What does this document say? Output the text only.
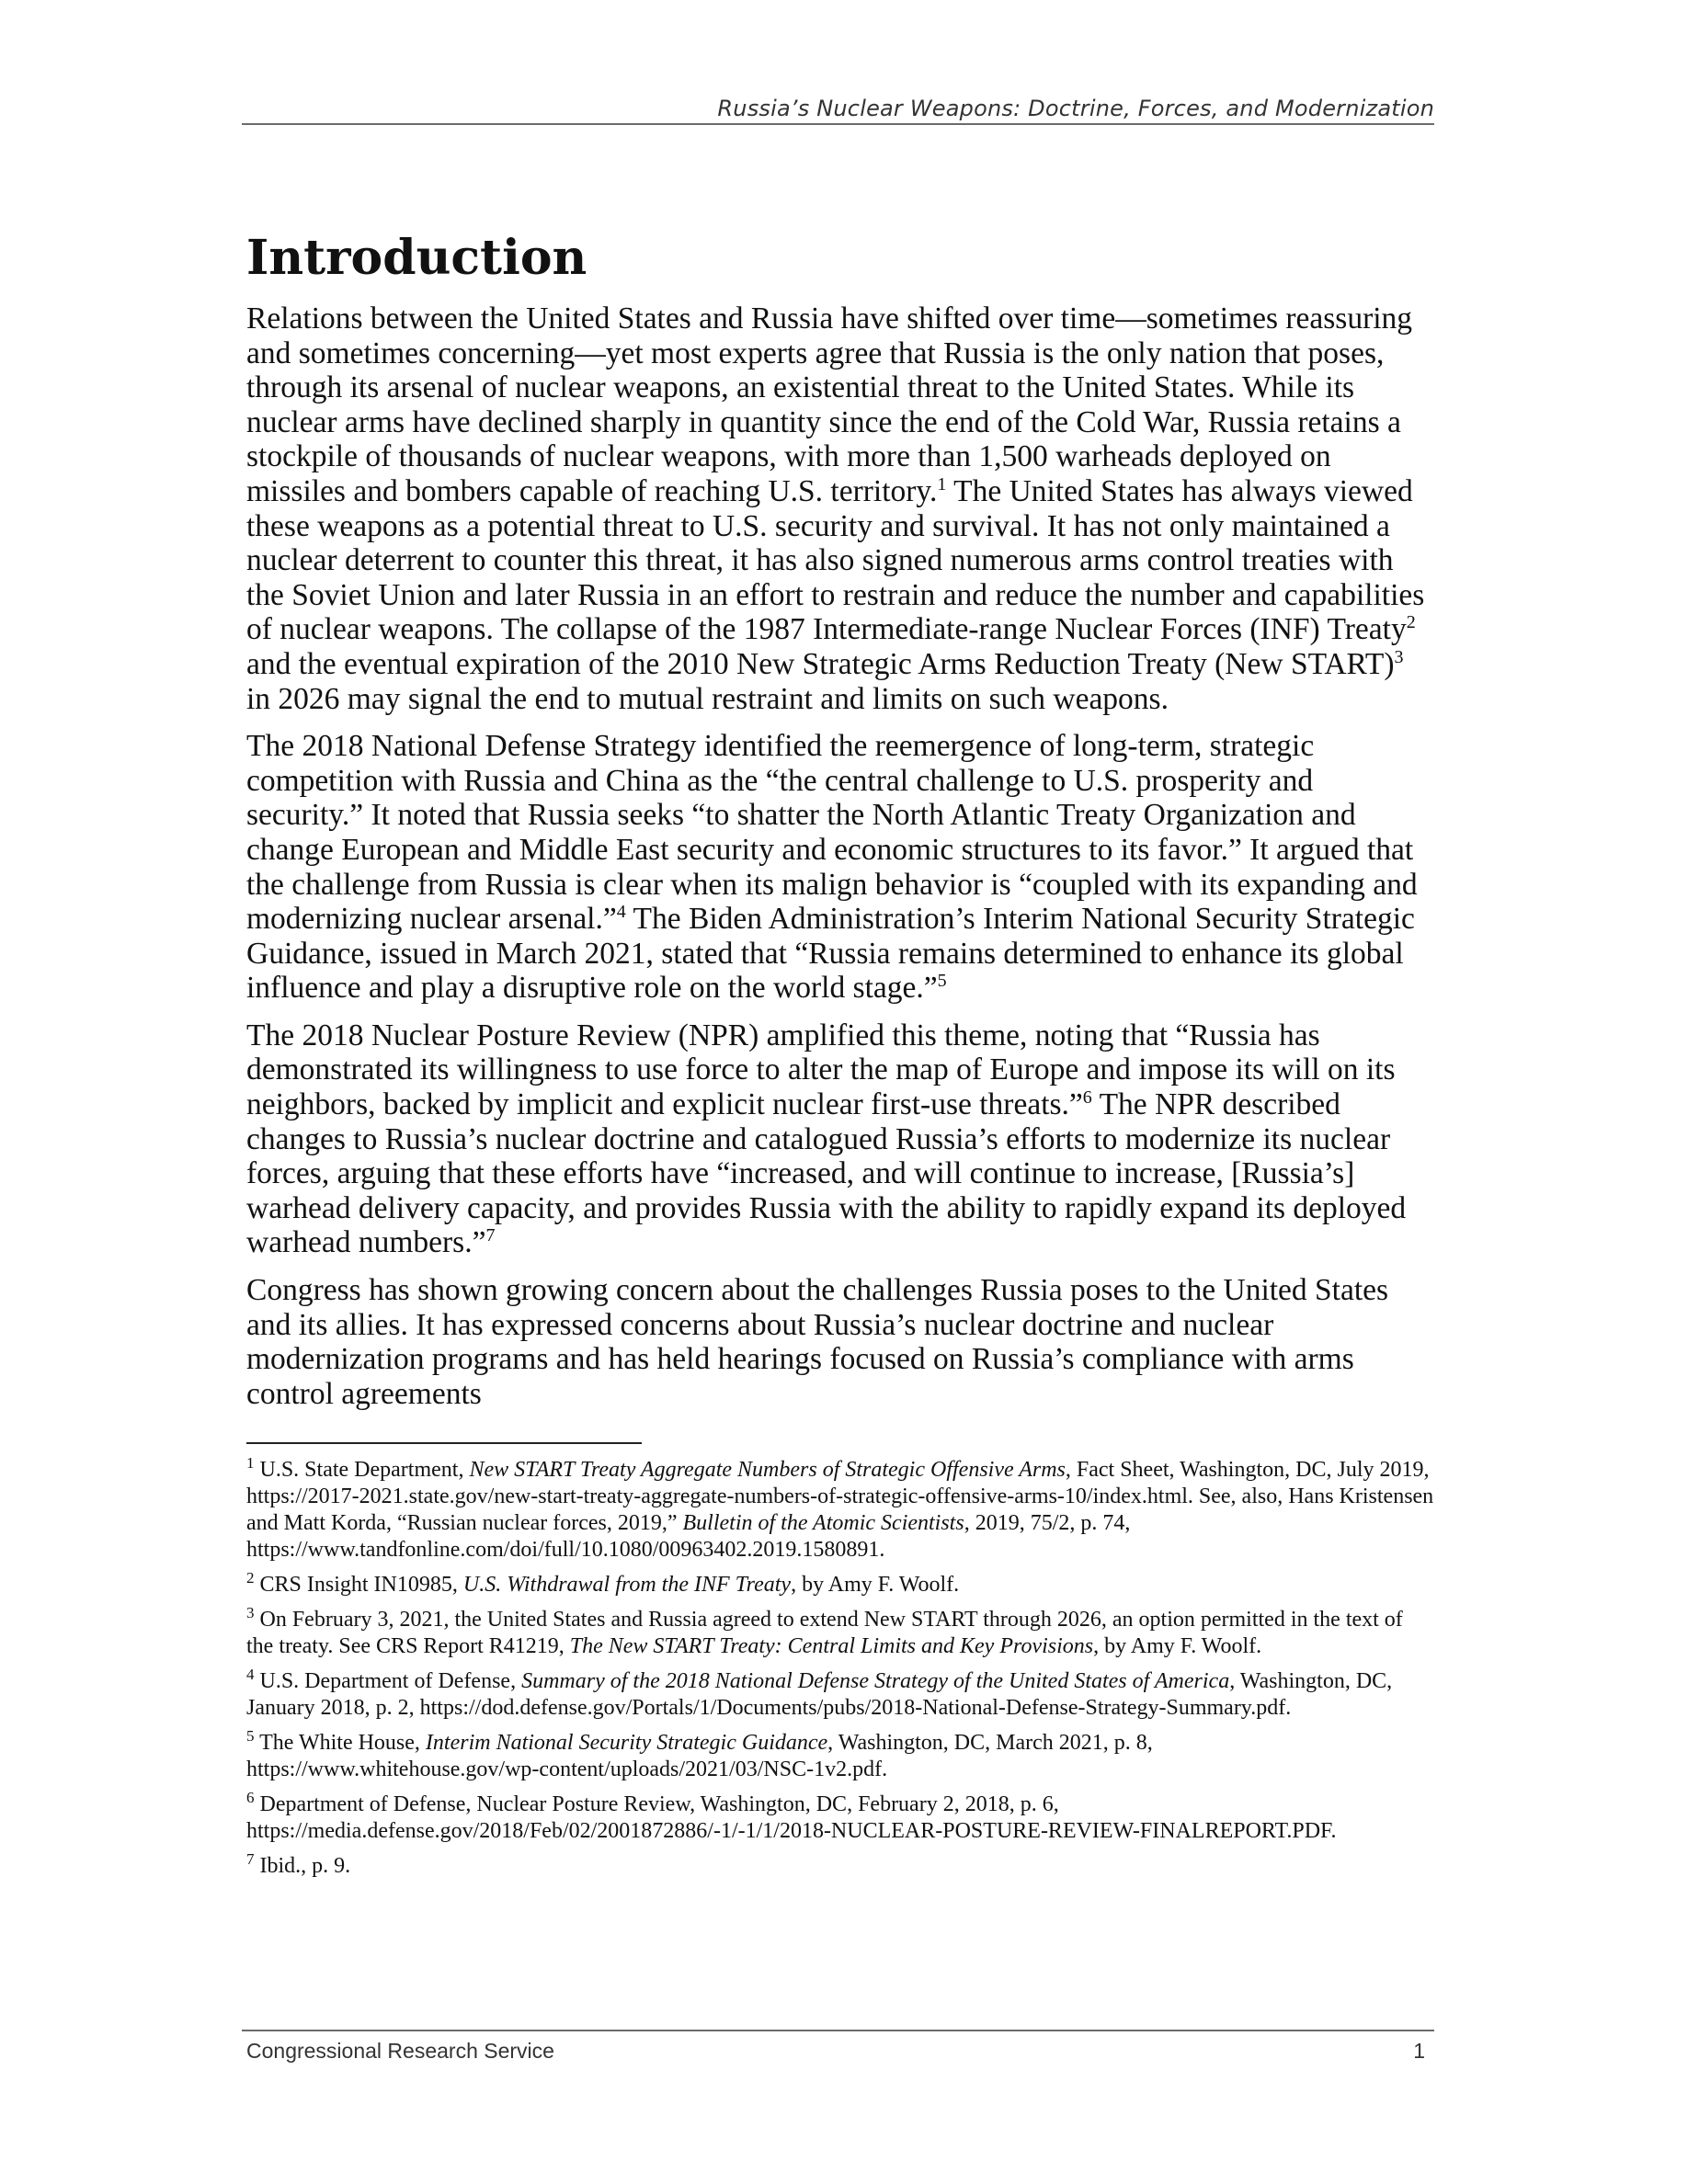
Russia’s Nuclear Weapons: Doctrine, Forces, and Modernization
Introduction

Relations between the United States and Russia have shifted over time—sometimes reassuring and sometimes concerning—yet most experts agree that Russia is the only nation that poses, through its arsenal of nuclear weapons, an existential threat to the United States. While its nuclear arms have declined sharply in quantity since the end of the Cold War, Russia retains a stockpile of thousands of nuclear weapons, with more than 1,500 warheads deployed on missiles and bombers capable of reaching U.S. territory.$^1$ The United States has always viewed these weapons as a potential threat to U.S. security and survival. It has not only maintained a nuclear deterrent to counter this threat, it has also signed numerous arms control treaties with the Soviet Union and later Russia in an effort to restrain and reduce the number and capabilities of nuclear weapons. The collapse of the 1987 Intermediate-range Nuclear Forces (INF) Treaty$^2$ and the eventual expiration of the 2010 New Strategic Arms Reduction Treaty (New START)$^3$ in 2026 may signal the end to mutual restraint and limits on such weapons.

The 2018 National Defense Strategy identified the reemergence of long-term, strategic competition with Russia and China as the “the central challenge to U.S. prosperity and security.” It noted that Russia seeks “to shatter the North Atlantic Treaty Organization and change European and Middle East security and economic structures to its favor.” It argued that the challenge from Russia is clear when its malign behavior is “coupled with its expanding and modernizing nuclear arsenal.”$^4$ The Biden Administration’s Interim National Security Strategic Guidance, issued in March 2021, stated that “Russia remains determined to enhance its global influence and play a disruptive role on the world stage.”$^5$

The 2018 Nuclear Posture Review (NPR) amplified this theme, noting that “Russia has demonstrated its willingness to use force to alter the map of Europe and impose its will on its neighbors, backed by implicit and explicit nuclear first-use threats.”$^6$ The NPR described changes to Russia’s nuclear doctrine and catalogued Russia’s efforts to modernize its nuclear forces, arguing that these efforts have “increased, and will continue to increase, [Russia’s] warhead delivery capacity, and provides Russia with the ability to rapidly expand its deployed warhead numbers.”$^7$

Congress has shown growing concern about the challenges Russia poses to the United States and its allies. It has expressed concerns about Russia’s nuclear doctrine and nuclear modernization programs and has held hearings focused on Russia’s compliance with arms control agreements

$^1$ U.S. State Department, New START Treaty Aggregate Numbers of Strategic Offensive Arms, Fact Sheet, Washington, DC, July 2019, https://2017-2021.state.gov/new-start-treaty-aggregate-numbers-of-strategic-offensive-arms-10/index.html. See, also, Hans Kristensen and Matt Korda, “Russian nuclear forces, 2019,” Bulletin of the Atomic Scientists, 2019, 75/2, p. 74, https://www.tandfonline.com/doi/full/10.1080/00963402.2019.1580891.

$^2$ CRS Insight IN10985, U.S. Withdrawal from the INF Treaty, by Amy F. Woolf.

$^3$ On February 3, 2021, the United States and Russia agreed to extend New START through 2026, an option permitted in the text of the treaty. See CRS Report R41219, The New START Treaty: Central Limits and Key Provisions, by Amy F. Woolf.

$^4$ U.S. Department of Defense, Summary of the 2018 National Defense Strategy of the United States of America, Washington, DC, January 2018, p. 2, https://dod.defense.gov/Portals/1/Documents/pubs/2018-National-Defense-Strategy-Summary.pdf.

$^5$ The White House, Interim National Security Strategic Guidance, Washington, DC, March 2021, p. 8, https://www.whitehouse.gov/wp-content/uploads/2021/03/NSC-1v2.pdf.

$^6$ Department of Defense, Nuclear Posture Review, Washington, DC, February 2, 2018, p. 6, https://media.defense.gov/2018/Feb/02/2001872886/-1/-1/1/2018-NUCLEAR-POSTURE-REVIEW-FINALREPORT.PDF.

$^7$ Ibid., p. 9.

Congressional Research Service	1
